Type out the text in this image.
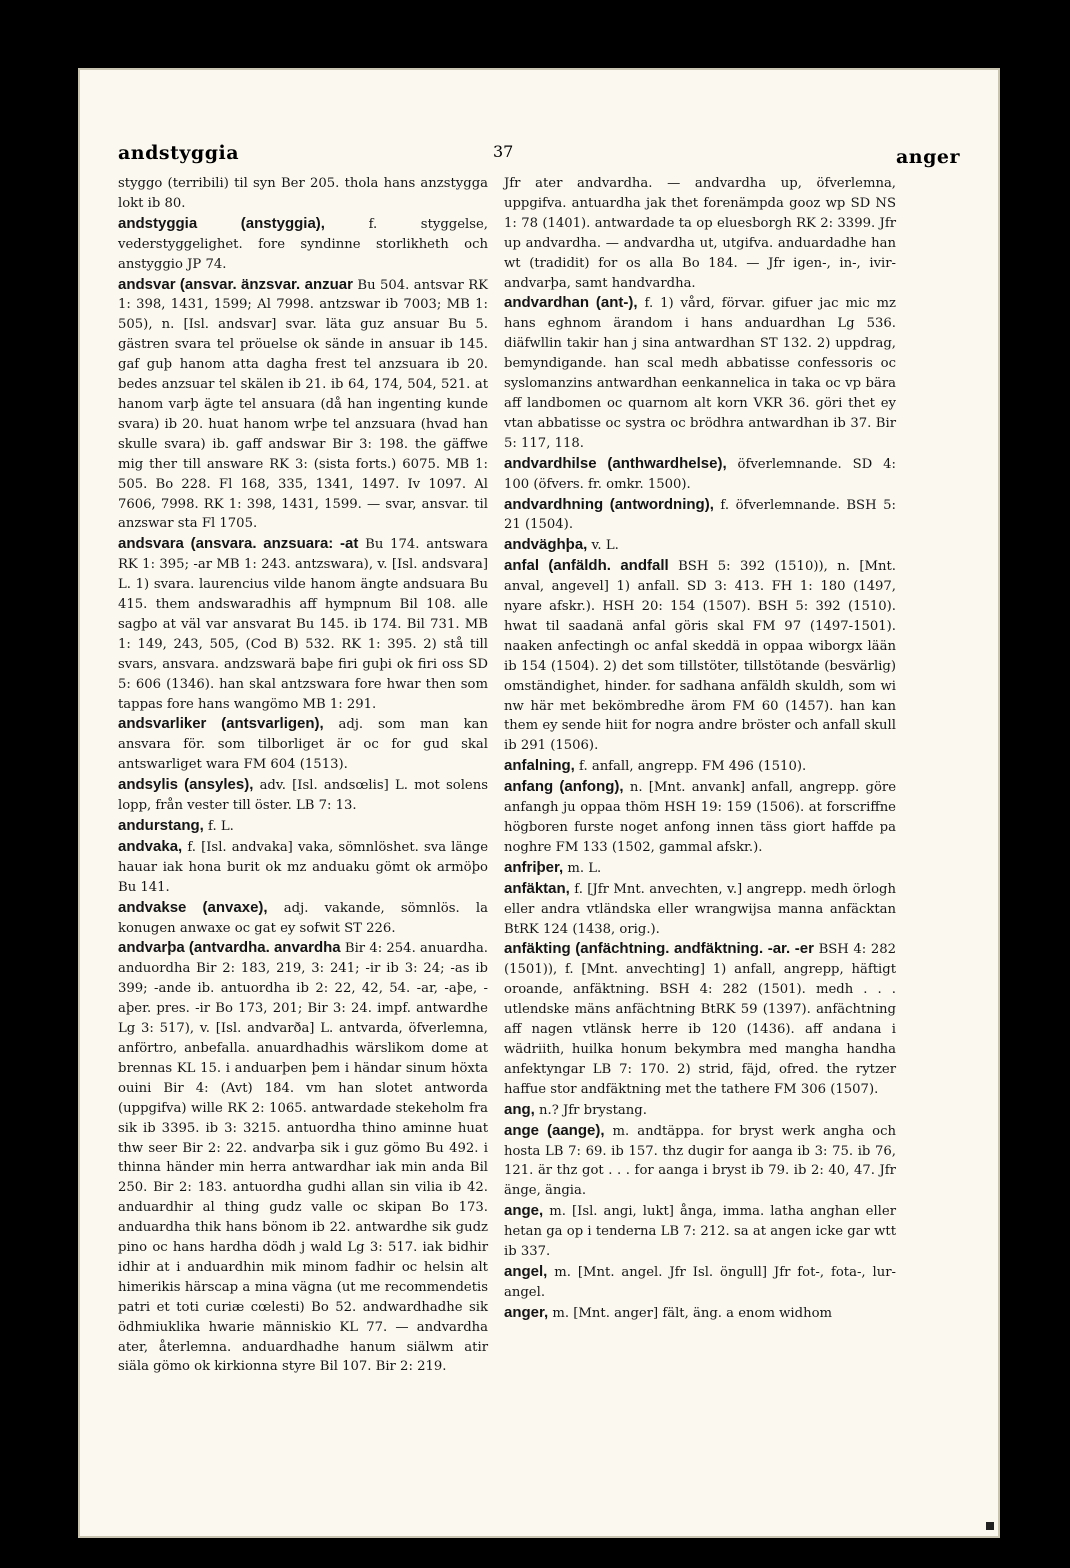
andstyggia	37	anger

styggo (terribili) til syn Ber 205. thola hans anzstygga lokt ib 80.

andstyggia (anstyggia), f. styggelse, vederstyggelighet. fore syndinne storlikheth och anstyggio JP 74.

andsvar (ansvar. änzsvar. anzuar Bu 504. antsvar RK 1: 398, 1431, 1599; Al 7998. antzswar ib 7003; MB 1: 505), n. [Isl. andsvar] svar. läta guz ansuar Bu 5. gästren svara tel pröuelse ok sände in ansuar ib 145. gaf guþ hanom atta dagha frest tel anzsuara ib 20. bedes anzsuar tel skälen ib 21. ib 64, 174, 504, 521. at hanom varþ ägte tel ansuara (då han ingenting kunde svara) ib 20. huat hanom wrþe tel anzsuara (hvad han skulle svara) ib. gaff andswar Bir 3: 198. the gäffwe mig ther till answare RK 3: (sista forts.) 6075. MB 1: 505. Bo 228. Fl 168, 335, 1341, 1497. Iv 1097. Al 7606, 7998. RK 1: 398, 1431, 1599. — svar, ansvar. til anzswar sta Fl 1705.

andsvara (ansvara. anzsuara: -at Bu 174. antswara RK 1: 395; -ar MB 1: 243. antzswara), v. [Isl. andsvara] L. 1) svara. laurencius vilde hanom ängte andsuara Bu 415. them andswaradhis aff hympnum Bil 108. alle sagþo at väl var ansvarat Bu 145. ib 174. Bil 731. MB 1: 149, 243, 505, (Cod B) 532. RK 1: 395. 2) stå till svars, ansvara. andzswarä baþe firi guþi ok firi oss SD 5: 606 (1346). han skal antzswara fore hwar then som tappas fore hans wangömo MB 1: 291.

andsvarliker (antsvarligen), adj. som man kan ansvara för. som tilborliget är oc for gud skal antswarliget wara FM 604 (1513).

andsylis (ansyles), adv. [Isl. andsœlis] L. mot solens lopp, från vester till öster. LB 7: 13.

andurstang, f. L.

andvaka, f. [Isl. andvaka] vaka, sömnlöshet. sva länge hauar iak hona burit ok mz anduaku gömt ok armöþo Bu 141.

andvakse (anvaxe), adj. vakande, sömnlös. la konugen anwaxe oc gat ey sofwit ST 226.

andvarþa (antvardha. anvardha Bir 4: 254. anuardha. anduordha Bir 2: 183, 219, 3: 241; -ir ib 3: 24; -as ib 399; -ande ib. antuordha ib 2: 22, 42, 54. -ar, -aþe, -aþer. pres. -ir Bo 173, 201; Bir 3: 24. impf. antwardhe Lg 3: 517), v. [Isl. andvarða] L. antvarda, öfverlemna, anförtro, anbefalla. anuardhadhis wärslikom dome at brennas KL 15. i anduarþen þem i händar sinum höxta ouini Bir 4: (Avt) 184. vm han slotet antworda (uppgifva) wille RK 2: 1065. antwardade stekeholm fra sik ib 3395. ib 3: 3215. antuordha thino aminne huat thw seer Bir 2: 22. andvarþa sik i guz gömo Bu 492. i thinna händer min herra antwardhar iak min anda Bil 250. Bir 2: 183. antuordha gudhi allan sin vilia ib 42. anduardhir al thing gudz valle oc skipan Bo 173. anduardha thik hans bönom ib 22. antwardhe sik gudz pino oc hans hardha dödh j wald Lg 3: 517. iak bidhir idhir at i anduardhin mik minom fadhir oc helsin alt himerikis härscap a mina vägna (ut me recommendetis patri et toti curiæ cœlesti) Bo 52. andwardhadhe sik ödhmiuklika hwarie människio KL 77. — andvardha ater, återlemna. anduardhadhe hanum siälwm atir siäla gömo ok kirkionna styre Bil 107. Bir 2: 219.

Jfr ater andvardha. — andvardha up, öfverlemna, uppgifva. antuardha jak thet forenämpda gooz wp SD NS 1: 78 (1401). antwardade ta op eluesborgh RK 2: 3399. Jfr up andvardha. — andvardha ut, utgifva. anduardadhe han wt (tradidit) for os alla Bo 184. — Jfr igen-, in-, ivir-andvarþa, samt handvardha.

andvardhan (ant-), f. 1) vård, förvar. gifuer jac mic mz hans eghnom ärandom i hans anduardhan Lg 536. diäfwllin takir han j sina antwardhan ST 132. 2) uppdrag, bemyndigande. han scal medh abbatisse confessoris oc syslomanzins antwardhan eenkannelica in taka oc vp bära aff landbomen oc quarnom alt korn VKR 36. göri thet ey vtan abbatisse oc systra oc brödhra antwardhan ib 37. Bir 5: 117, 118.

andvardhilse (anthwardhelse), öfverlemnande. SD 4: 100 (öfvers. fr. omkr. 1500).

andvardhning (antwordning), f. öfverlemnande. BSH 5: 21 (1504).

andväghþa, v. L.

anfal (anfäldh. andfall BSH 5: 392 (1510)), n. [Mnt. anval, angevel] 1) anfall. SD 3: 413. FH 1: 180 (1497, nyare afskr.). HSH 20: 154 (1507). BSH 5: 392 (1510). hwat til saadanä anfal göris skal FM 97 (1497-1501). naaken anfectingh oc anfal skeddä in oppaa wiborgx lään ib 154 (1504). 2) det som tillstöter, tillstötande (besvärlig) omständighet, hinder. for sadhana anfäldh skuldh, som wi nw här met bekömbredhe ärom FM 60 (1457). han kan them ey sende hiit for nogra andre bröster och anfall skull ib 291 (1506).

anfalning, f. anfall, angrepp. FM 496 (1510).

anfang (anfong), n. [Mnt. anvank] anfall, angrepp. göre anfangh ju oppaa thöm HSH 19: 159 (1506). at forscriffne högboren furste noget anfong innen täss giort haffde pa noghre FM 133 (1502, gammal afskr.).

anfriþer, m. L.

anfäktan, f. [Jfr Mnt. anvechten, v.] angrepp. medh örlogh eller andra vtländska eller wrangwijsa manna anfäcktan BtRK 124 (1438, orig.).

anfäkting (anfächtning. andfäktning. -ar. -er BSH 4: 282 (1501)), f. [Mnt. anvechting] 1) anfall, angrepp, häftigt oroande, anfäktning. BSH 4: 282 (1501). medh . . . utlendske mäns anfächtning BtRK 59 (1397). anfächtning aff nagen vtlänsk herre ib 120 (1436). aff andana i wädriith, huilka honum bekymbra med mangha handha anfektyngar LB 7: 170. 2) strid, fäjd, ofred. the rytzer haffue stor andfäktning met the tathere FM 306 (1507).

ang, n.? Jfr brystang.

ange (aange), m. andtäppa. for bryst werk angha och hosta LB 7: 69. ib 157. thz dugir for aanga ib 3: 75. ib 76, 121. är thz got . . . for aanga i bryst ib 79. ib 2: 40, 47. Jfr änge, ängia.

ange, m. [Isl. angi, lukt] ånga, imma. latha anghan eller hetan ga op i tenderna LB 7: 212. sa at angen icke gar wtt ib 337.

angel, m. [Mnt. angel. Jfr Isl. öngull] Jfr fot-, fota-, lur-angel.

anger, m. [Mnt. anger] fält, äng. a enom widhom
